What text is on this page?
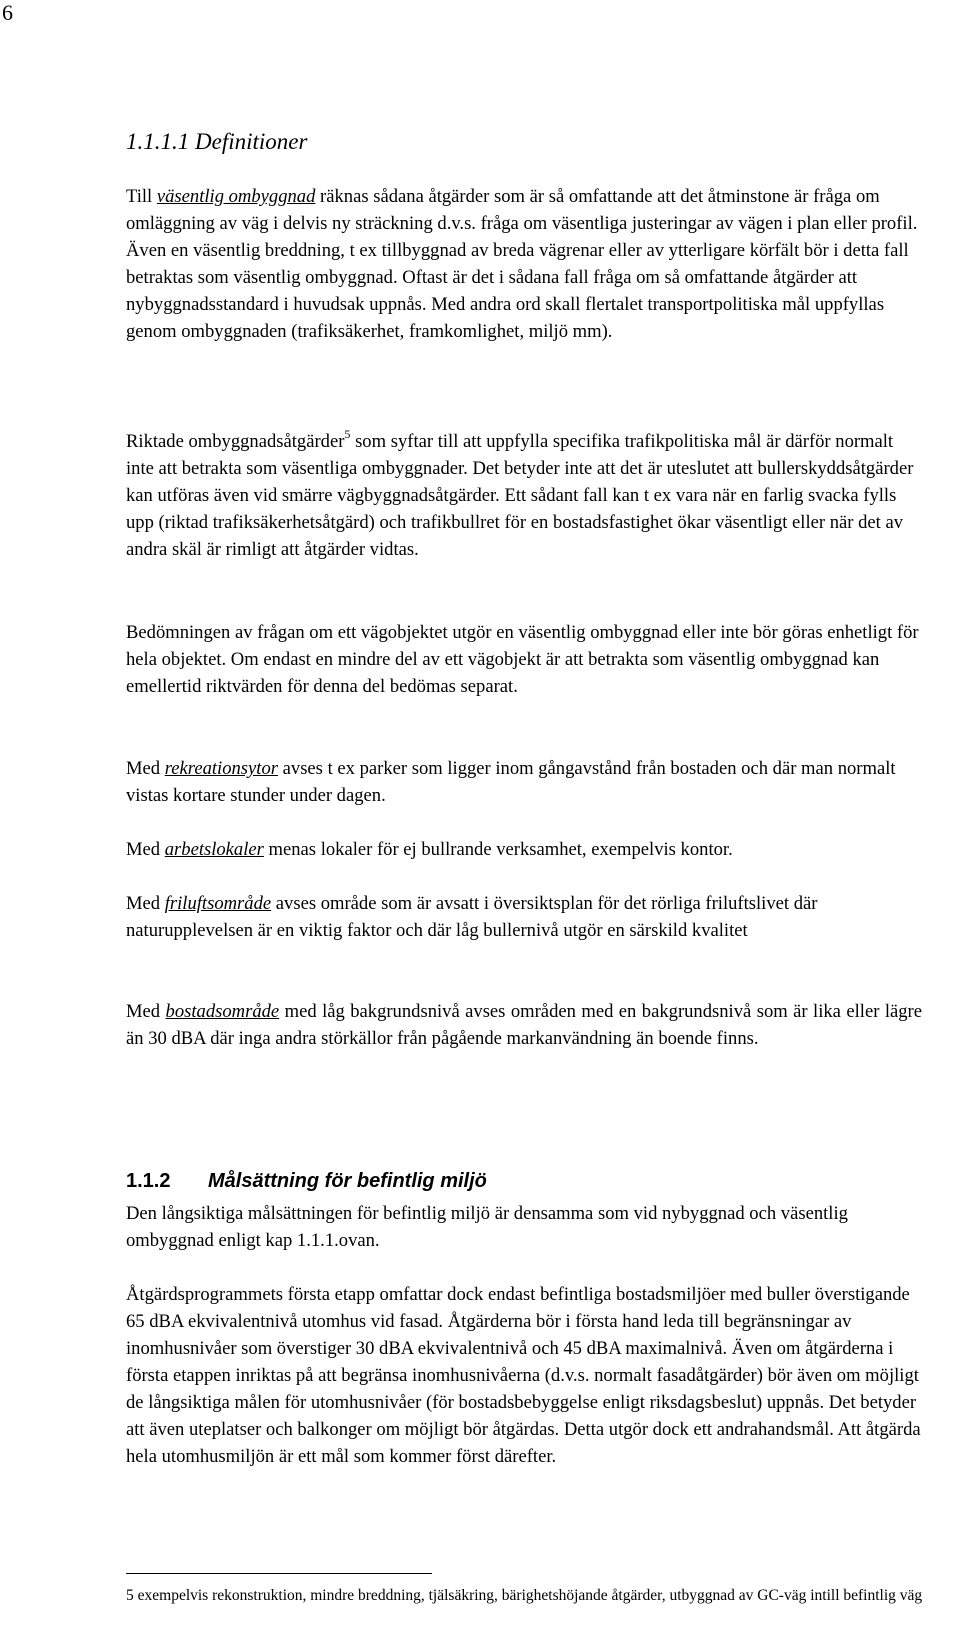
6
1.1.1.1 Definitioner
Till väsentlig ombyggnad räknas sådana åtgärder som är så omfattande att det åtminstone är fråga om omläggning av väg i delvis ny sträckning d.v.s. fråga om väsentliga justeringar av vägen i plan eller profil. Även en väsentlig breddning, t ex tillbyggnad av breda vägrenar eller av ytterligare körfält bör i detta fall betraktas som väsentlig ombyggnad. Oftast är det i sådana fall fråga om så omfattande åtgärder att nybyggnadsstandard i huvudsak uppnås. Med andra ord skall flertalet transportpolitiska mål uppfyllas genom ombyggnaden (trafiksäkerhet, framkomlighet, miljö mm).
Riktade ombyggnadsåtgärder$^5$ som syftar till att uppfylla specifika trafikpolitiska mål är därför normalt inte att betrakta som väsentliga ombyggnader. Det betyder inte att det är uteslutet att bullerskyddsåtgärder kan utföras även vid smärre vägbyggnadsåtgärder. Ett sådant fall kan t ex vara när en farlig svacka fylls upp (riktad trafiksäkerhetsåtgärd) och trafikbullret för en bostadsfastighet ökar väsentligt eller när det av andra skäl är rimligt att åtgärder vidtas.
Bedömningen av frågan om ett vägobjektet utgör en väsentlig ombyggnad eller inte bör göras enhetligt för hela objektet. Om endast en mindre del av ett vägobjekt är att betrakta som väsentlig ombyggnad kan emellertid riktvärden för denna del bedömas separat.
Med rekreationsytor avses t ex parker som ligger inom gångavstånd från bostaden och där man normalt vistas kortare stunder under dagen.
Med arbetslokaler menas lokaler för ej bullrande verksamhet, exempelvis kontor.
Med friluftsområde avses område som är avsatt i översiktsplan för det rörliga friluftslivet där naturupplevelsen är en viktig faktor och där låg bullernivå utgör en särskild kvalitet
Med bostadsområde med låg bakgrundsnivå avses områden med en bakgrundsnivå som är lika eller lägre än 30 dBA där inga andra störkällor från pågående markanvändning än boende finns.
1.1.2 Målsättning för befintlig miljö
Den långsiktiga målsättningen för befintlig miljö är densamma som vid nybyggnad och väsentlig ombyggnad enligt kap 1.1.1.ovan.
Åtgärdsprogrammets första etapp omfattar dock endast befintliga bostadsmiljöer med buller överstigande 65 dBA ekvivalentnivå utomhus vid fasad. Åtgärderna bör i första hand leda till begränsningar av inomhusnivåer som överstiger 30 dBA ekvivalentnivå och 45 dBA maximalnivå. Även om åtgärderna i första etappen inriktas på att begränsa inomhusnivåerna (d.v.s. normalt fasadåtgärder) bör även om möjligt de långsiktiga målen för utomhusnivåer (för bostadsbebyggelse enligt riksdagsbeslut) uppnås. Det betyder att även uteplatser och balkonger om möjligt bör åtgärdas. Detta utgör dock ett andrahandsmål. Att åtgärda hela utomhusmiljön är ett mål som kommer först därefter.
5 exempelvis rekonstruktion, mindre breddning, tjälsäkring, bärighetshöjande åtgärder, utbyggnad av GC-väg intill befintlig väg
